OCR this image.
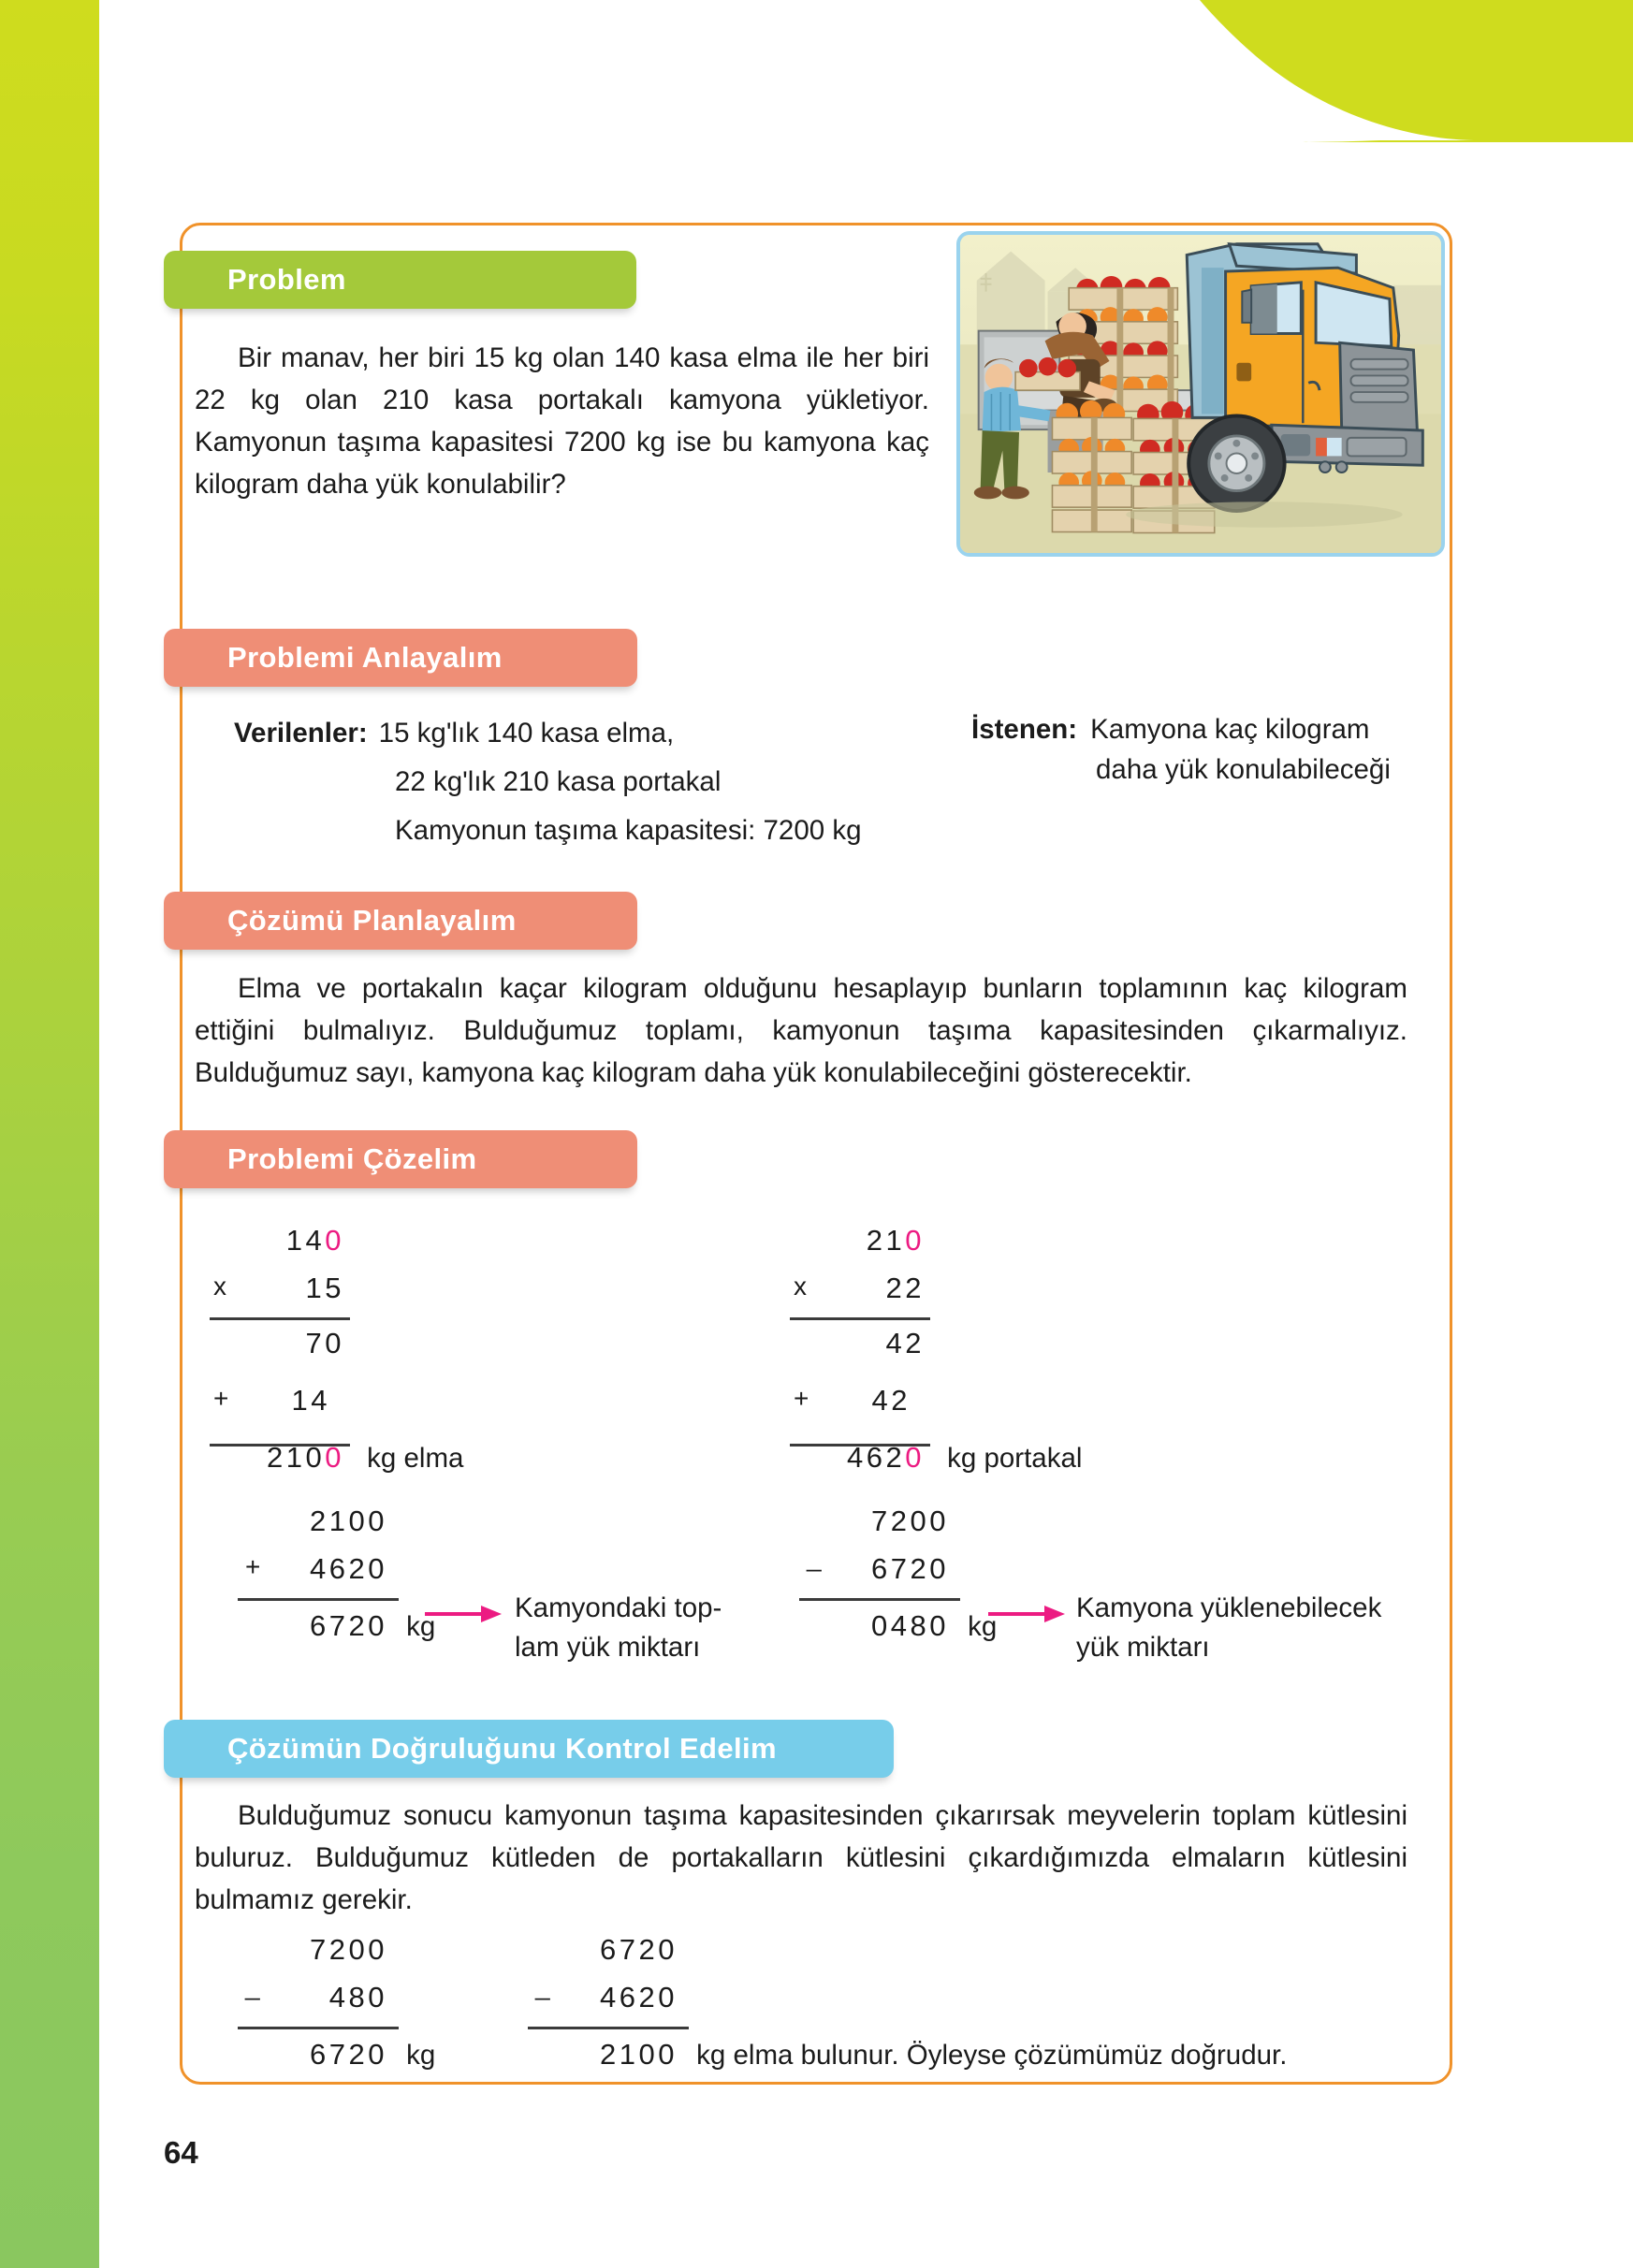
Problem
Bir manav, her biri 15 kg olan 140 kasa elma ile her biri 22 kg olan 210 kasa portakalı kamyona yükletiyor. Kamyonun taşıma kapasitesi 7200 kg ise bu kamyona kaç kilogram daha yük konulabilir?
Problemi Anlayalım
Verilenler: 15 kg'lık 140 kasa elma,
22 kg'lık 210 kasa portakal
Kamyonun taşıma kapasitesi: 7200 kg
İstenen: Kamyona kaç kilogram
daha yük konulabileceği
Çözümü Planlayalım
Elma ve portakalın kaçar kilogram olduğunu hesaplayıp bunların toplamının kaç kilogram ettiğini bulmalıyız. Bulduğumuz toplamı, kamyonun taşıma kapasitesinden çıkarmalıyız. Bulduğumuz sayı, kamyona kaç kilogram daha yük konulabileceğini gösterecektir.
Problemi Çözelim
140
x	15
70
+ 14
2100 kg elma
210
x	22
42
+ 42
4620 kg portakal
2100
+ 4620
6720 kg
Kamyondaki top-
lam yük miktarı
7200
_ 6720
0480 kg
Kamyona yüklenebilecek
yük miktarı
Çözümün Doğruluğunu Kontrol Edelim
Bulduğumuz sonucu kamyonun taşıma kapasitesinden çıkarırsak meyvelerin toplam kütlesini buluruz. Bulduğumuz kütleden de portakalların kütlesini çıkardığımızda elmaların kütlesini bulmamız gerekir.
7200
_ 480
6720 kg
6720
_ 4620
2100 kg elma bulunur. Öyleyse çözümümüz doğrudur.
64
